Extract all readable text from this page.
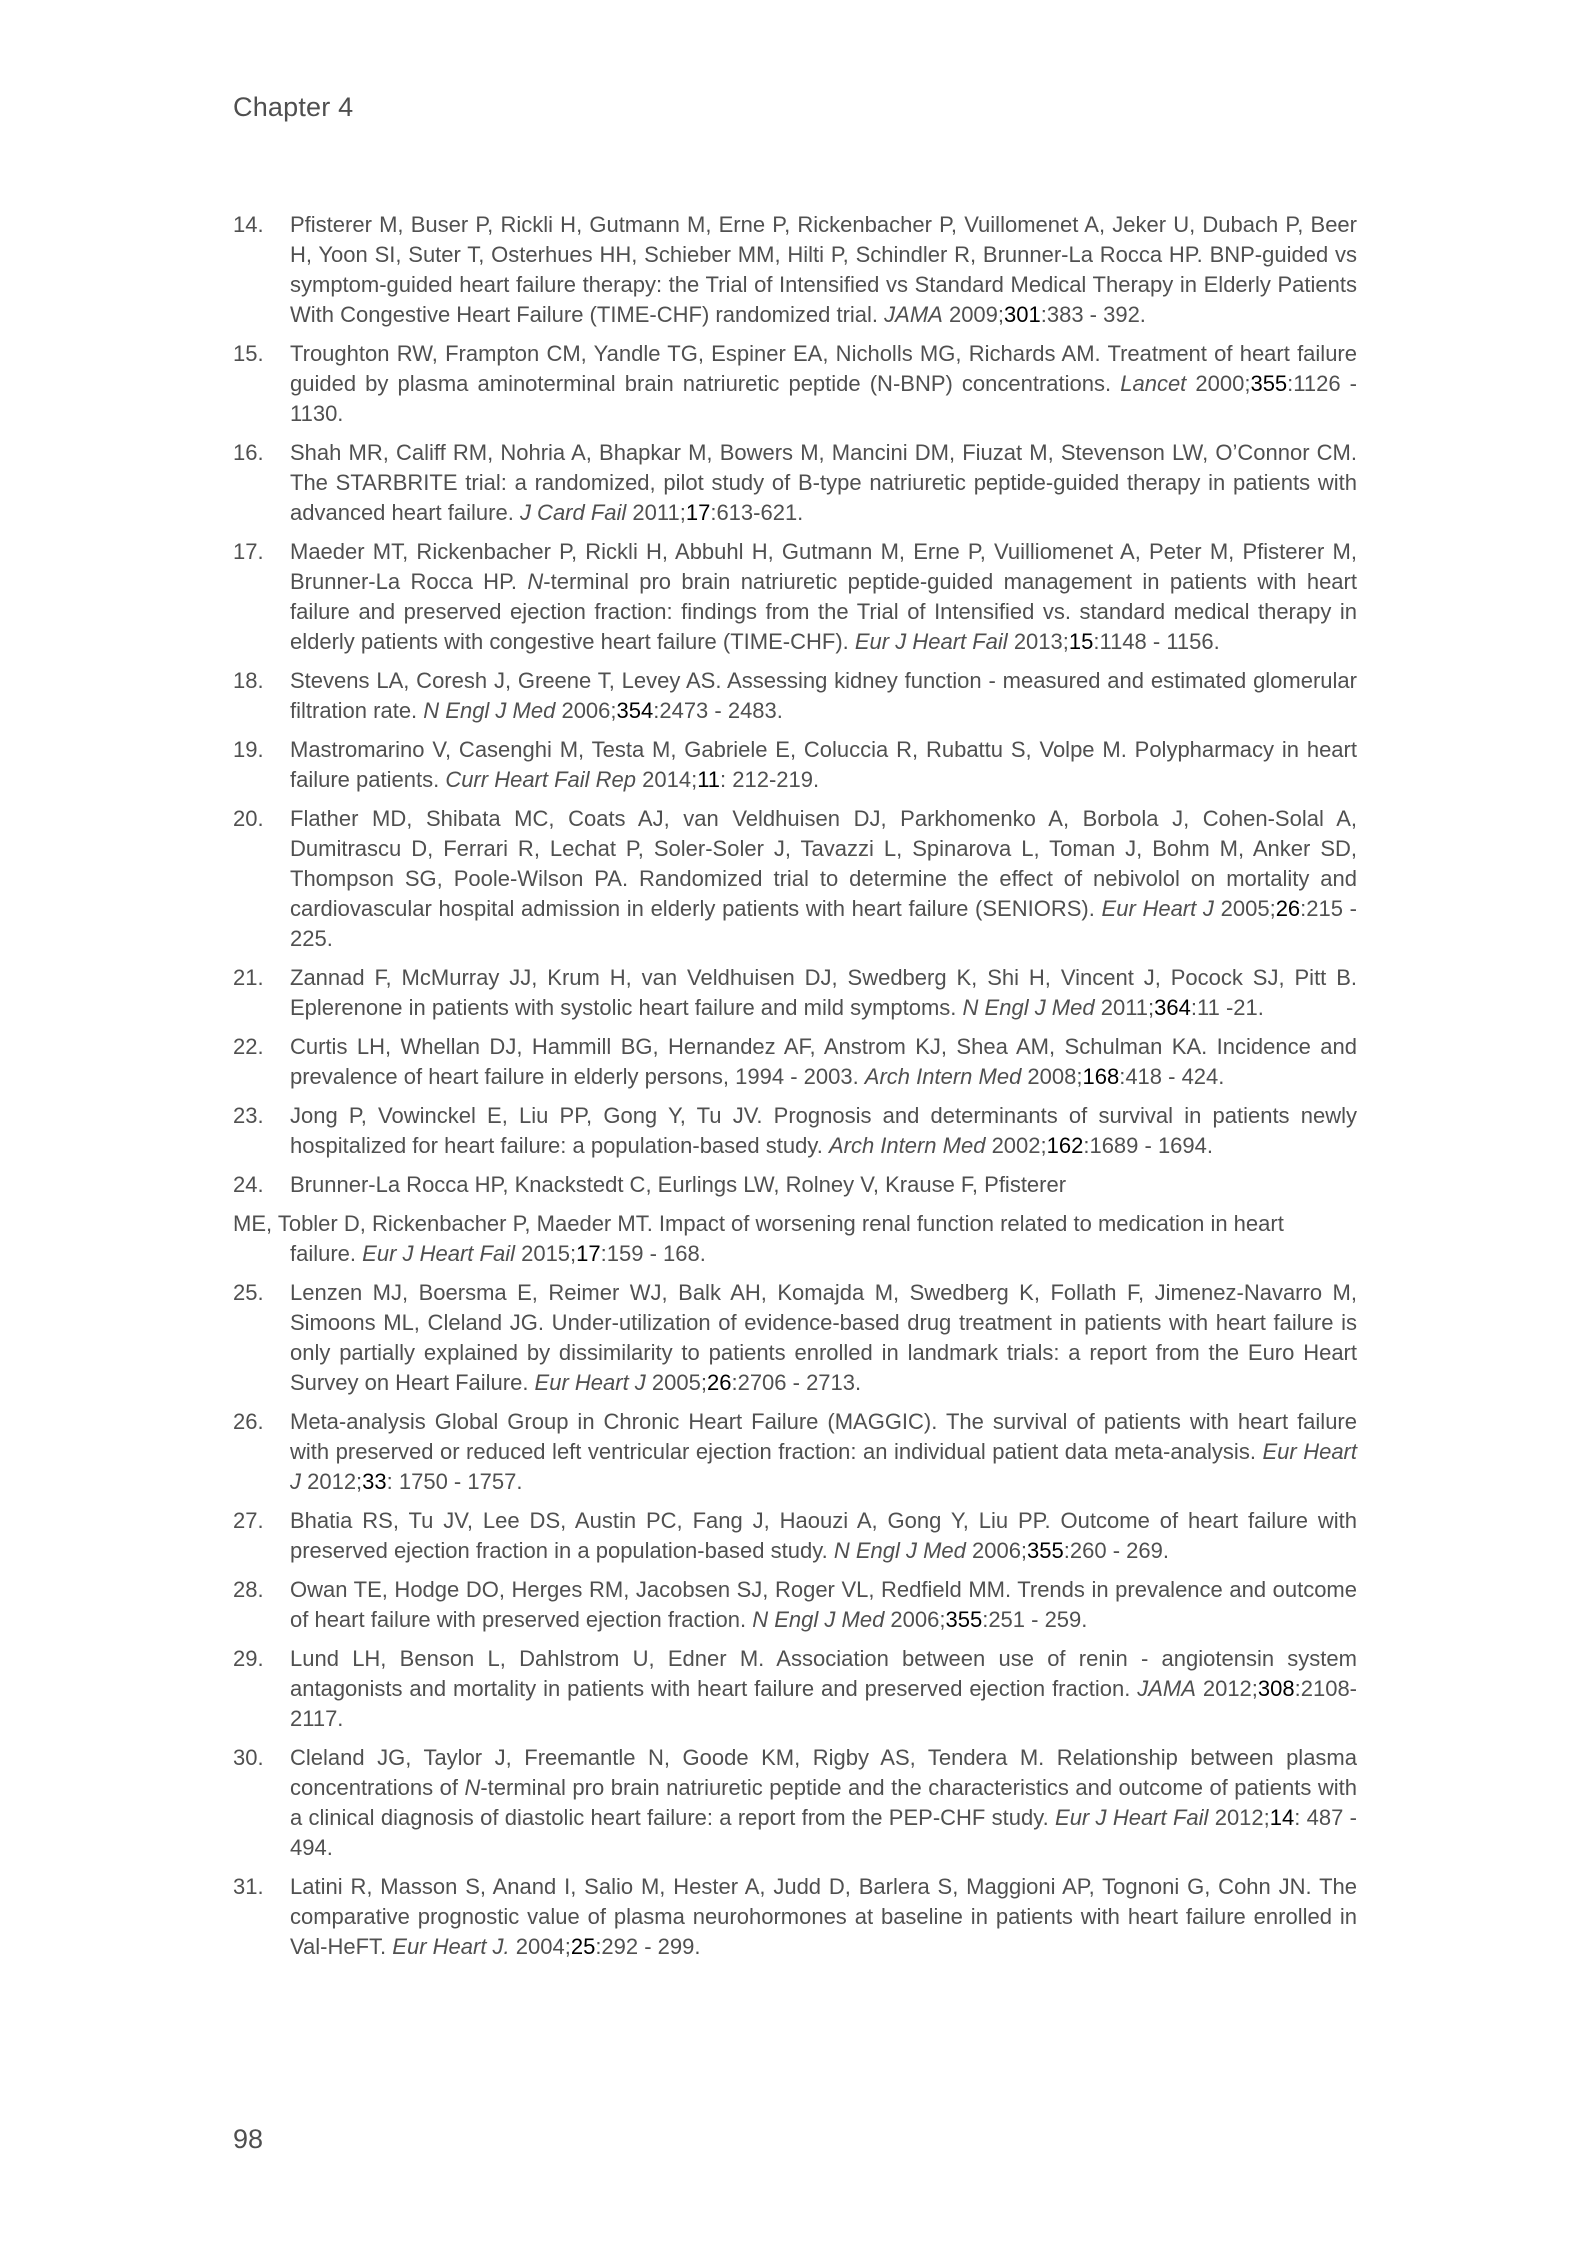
Chapter 4
14. Pfisterer M, Buser P, Rickli H, Gutmann M, Erne P, Rickenbacher P, Vuillomenet A, Jeker U, Dubach P, Beer H, Yoon SI, Suter T, Osterhues HH, Schieber MM, Hilti P, Schindler R, Brunner-La Rocca HP. BNP-guided vs symptom-guided heart failure therapy: the Trial of Intensified vs Standard Medical Therapy in Elderly Patients With Congestive Heart Failure (TIME-CHF) randomized trial. JAMA 2009;301:383 - 392.
15. Troughton RW, Frampton CM, Yandle TG, Espiner EA, Nicholls MG, Richards AM. Treatment of heart failure guided by plasma aminoterminal brain natriuretic peptide (N-BNP) concentrations. Lancet 2000;355:1126 - 1130.
16. Shah MR, Califf RM, Nohria A, Bhapkar M, Bowers M, Mancini DM, Fiuzat M, Stevenson LW, O’Connor CM. The STARBRITE trial: a randomized, pilot study of B-type natriuretic peptide-guided therapy in patients with advanced heart failure. J Card Fail 2011;17:613-621.
17. Maeder MT, Rickenbacher P, Rickli H, Abbuhl H, Gutmann M, Erne P, Vuilliomenet A, Peter M, Pfisterer M, Brunner-La Rocca HP. N-terminal pro brain natriuretic peptide-guided management in patients with heart failure and preserved ejection fraction: findings from the Trial of Intensified vs. standard medical therapy in elderly patients with congestive heart failure (TIME-CHF). Eur J Heart Fail 2013;15:1148 - 1156.
18. Stevens LA, Coresh J, Greene T, Levey AS. Assessing kidney function - measured and estimated glomerular filtration rate. N Engl J Med 2006;354:2473 - 2483.
19. Mastromarino V, Casenghi M, Testa M, Gabriele E, Coluccia R, Rubattu S, Volpe M. Polypharmacy in heart failure patients. Curr Heart Fail Rep 2014;11: 212-219.
20. Flather MD, Shibata MC, Coats AJ, van Veldhuisen DJ, Parkhomenko A, Borbola J, Cohen-Solal A, Dumitrascu D, Ferrari R, Lechat P, Soler-Soler J, Tavazzi L, Spinarova L, Toman J, Bohm M, Anker SD, Thompson SG, Poole-Wilson PA. Randomized trial to determine the effect of nebivolol on mortality and cardiovascular hospital admission in elderly patients with heart failure (SENIORS). Eur Heart J 2005;26:215 - 225.
21. Zannad F, McMurray JJ, Krum H, van Veldhuisen DJ, Swedberg K, Shi H, Vincent J, Pocock SJ, Pitt B. Eplerenone in patients with systolic heart failure and mild symptoms. N Engl J Med 2011;364:11 -21.
22. Curtis LH, Whellan DJ, Hammill BG, Hernandez AF, Anstrom KJ, Shea AM, Schulman KA. Incidence and prevalence of heart failure in elderly persons, 1994 - 2003. Arch Intern Med 2008;168:418 - 424.
23. Jong P, Vowinckel E, Liu PP, Gong Y, Tu JV. Prognosis and determinants of survival in patients newly hospitalized for heart failure: a population-based study. Arch Intern Med 2002;162:1689 - 1694.
24. Brunner-La Rocca HP, Knackstedt C, Eurlings LW, Rolney V, Krause F, Pfisterer
ME, Tobler D, Rickenbacher P, Maeder MT. Impact of worsening renal function related to medication in heart
failure. Eur J Heart Fail 2015;17:159 - 168.
25. Lenzen MJ, Boersma E, Reimer WJ, Balk AH, Komajda M, Swedberg K, Follath F, Jimenez-Navarro M, Simoons ML, Cleland JG. Under-utilization of evidence-based drug treatment in patients with heart failure is only partially explained by dissimilarity to patients enrolled in landmark trials: a report from the Euro Heart Survey on Heart Failure. Eur Heart J 2005;26:2706 - 2713.
26. Meta-analysis Global Group in Chronic Heart Failure (MAGGIC). The survival of patients with heart failure with preserved or reduced left ventricular ejection fraction: an individual patient data meta-analysis. Eur Heart J 2012;33: 1750 - 1757.
27. Bhatia RS, Tu JV, Lee DS, Austin PC, Fang J, Haouzi A, Gong Y, Liu PP. Outcome of heart failure with preserved ejection fraction in a population-based study. N Engl J Med 2006;355:260 - 269.
28. Owan TE, Hodge DO, Herges RM, Jacobsen SJ, Roger VL, Redfield MM. Trends in prevalence and outcome of heart failure with preserved ejection fraction. N Engl J Med 2006;355:251 - 259.
29. Lund LH, Benson L, Dahlstrom U, Edner M. Association between use of renin - angiotensin system antagonists and mortality in patients with heart failure and preserved ejection fraction. JAMA 2012;308:2108-2117.
30. Cleland JG, Taylor J, Freemantle N, Goode KM, Rigby AS, Tendera M. Relationship between plasma concentrations of N-terminal pro brain natriuretic peptide and the characteristics and outcome of patients with a clinical diagnosis of diastolic heart failure: a report from the PEP-CHF study. Eur J Heart Fail 2012;14: 487 - 494.
31. Latini R, Masson S, Anand I, Salio M, Hester A, Judd D, Barlera S, Maggioni AP, Tognoni G, Cohn JN. The comparative prognostic value of plasma neurohormones at baseline in patients with heart failure enrolled in Val-HeFT. Eur Heart J. 2004;25:292 - 299.
98
